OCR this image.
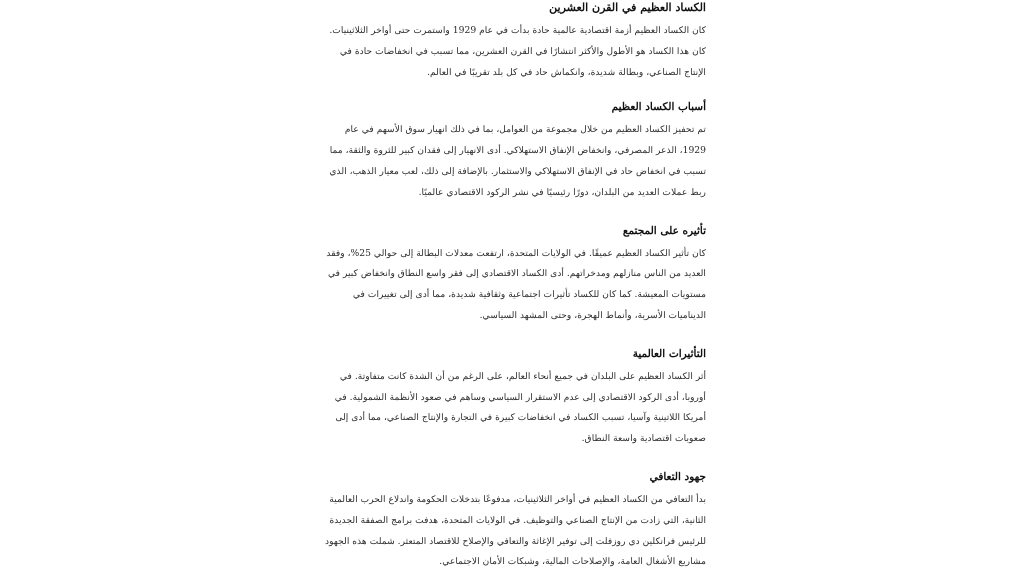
الكساد العظيم في القرن العشرين

كان الكساد العظيم أزمة اقتصادية عالمية حادة بدأت في عام 1929 واستمرت حتى أواخر الثلاثينيات. كان هذا الكساد هو الأطول والأكثر انتشارًا في القرن العشرين، مما تسبب في انخفاضات حادة في الإنتاج الصناعي، وبطالة شديدة، وانكماش حاد في كل بلد تقريبًا في العالم.

أسباب الكساد العظيم

تم تحفيز الكساد العظيم من خلال مجموعة من العوامل، بما في ذلك انهيار سوق الأسهم في عام 1929، الذعر المصرفي، وانخفاض الإنفاق الاستهلاكي. أدى الانهيار إلى فقدان كبير للثروة والثقة، مما تسبب في انخفاض حاد في الإنفاق الاستهلاكي والاستثمار. بالإضافة إلى ذلك، لعب معيار الذهب، الذي ربط عملات العديد من البلدان، دورًا رئيسيًا في نشر الركود الاقتصادي عالميًا.

تأثيره على المجتمع

كان تأثير الكساد العظيم عميقًا. في الولايات المتحدة، ارتفعت معدلات البطالة إلى حوالي 25%، وفقد العديد من الناس منازلهم ومدخراتهم. أدى الكساد الاقتصادي إلى فقر واسع النطاق وانخفاض كبير في مستويات المعيشة. كما كان للكساد تأثيرات اجتماعية وثقافية شديدة، مما أدى إلى تغييرات في الديناميات الأسرية، وأنماط الهجرة، وحتى المشهد السياسي.

التأثيرات العالمية

أثر الكساد العظيم على البلدان في جميع أنحاء العالم، على الرغم من أن الشدة كانت متفاوتة. في أوروبا، أدى الركود الاقتصادي إلى عدم الاستقرار السياسي وساهم في صعود الأنظمة الشمولية. في أمريكا اللاتينية وآسيا، تسبب الكساد في انخفاضات كبيرة في التجارة والإنتاج الصناعي، مما أدى إلى صعوبات اقتصادية واسعة النطاق.

جهود التعافي

بدأ التعافي من الكساد العظيم في أواخر الثلاثينيات، مدفوعًا بتدخلات الحكومة واندلاع الحرب العالمية الثانية، التي زادت من الإنتاج الصناعي والتوظيف. في الولايات المتحدة، هدفت برامج الصفقة الجديدة للرئيس فرانكلين دي روزفلت إلى توفير الإغاثة والتعافي والإصلاح للاقتصاد المتعثر. شملت هذه الجهود مشاريع الأشغال العامة، والإصلاحات المالية، وشبكات الأمان الاجتماعي.
